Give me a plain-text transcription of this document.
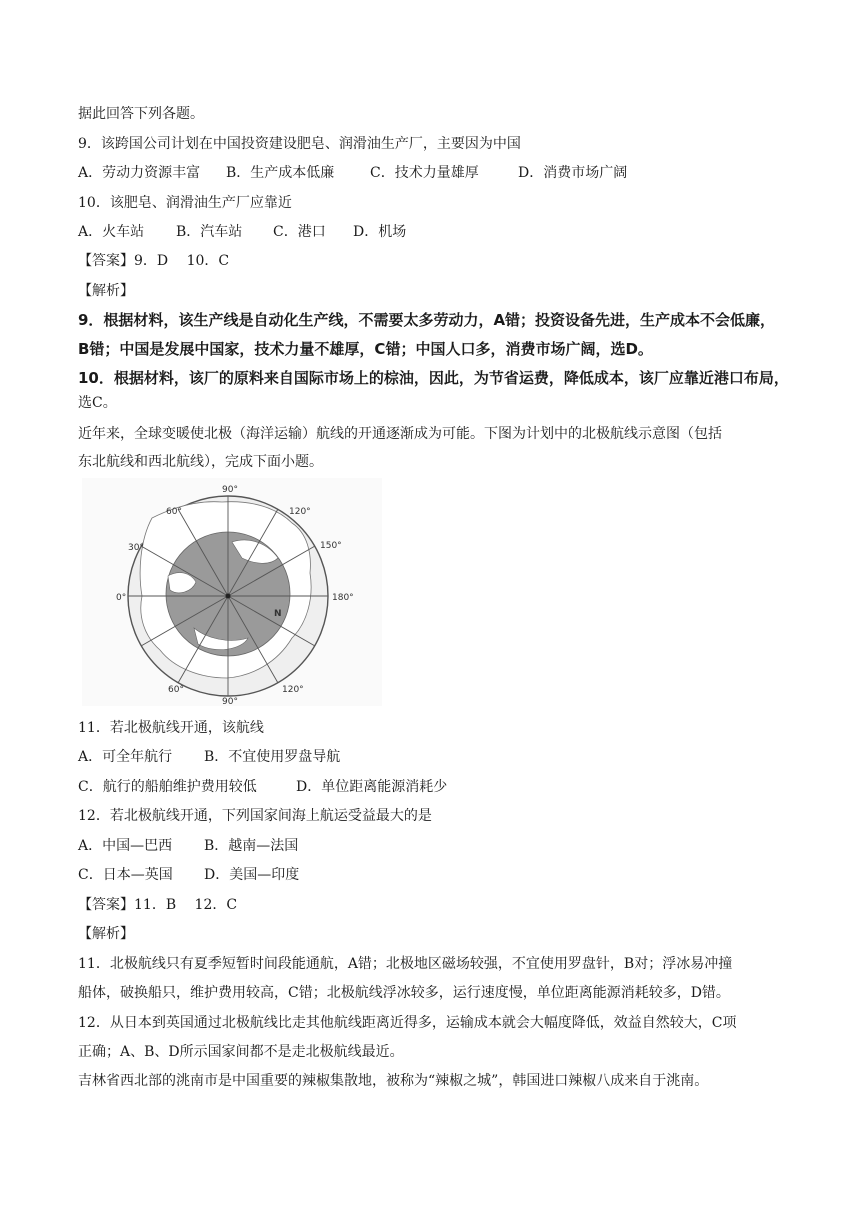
据此回答下列各题。
9．该跨国公司计划在中国投资建设肥皂、润滑油生产厂，主要因为中国
A．劳动力资源丰富 B．生产成本低廉	C．技术力量雄厚	D．消费市场广阔
10．该肥皂、润滑油生产厂应靠近
A．火车站 B．汽车站 C．港口 D．机场
【答案】9．D　 10．C
【解析】
9．根据材料，该生产线是自动化生产线，不需要太多劳动力，A错；投资设备先进，生产成本不会低廉，
B错；中国是发展中国家，技术力量不雄厚，C错；中国人口多，消费市场广阔，选D。
10．根据材料，该厂的原料来自国际市场上的棕油，因此，为节省运费，降低成本，该厂应靠近港口布局，
选C。
近年来，全球变暖使北极（海洋运输）航线的开通逐渐成为可能。下图为计划中的北极航线示意图（包括
东北航线和西北航线），完成下面小题。
90°
120°
150°
180°
60°
30°
0°
60°
90°
120°
N
11．若北极航线开通，该航线
A．可全年航行 B．不宜使用罗盘导航
C．航行的船舶维护费用较低	D．单位距离能源消耗少
12．若北极航线开通，下列国家间海上航运受益最大的是
A．中国—巴西 B．越南—法国
C．日本—英国 D．美国—印度
【答案】11．B　 12．C
【解析】
11．北极航线只有夏季短暂时间段能通航，A错；北极地区磁场较强，不宜使用罗盘针，B对；浮冰易冲撞
船体，破换船只，维护费用较高，C错；北极航线浮冰较多，运行速度慢，单位距离能源消耗较多，D错。
12．从日本到英国通过北极航线比走其他航线距离近得多，运输成本就会大幅度降低，效益自然较大，C项
正确；A、B、D所示国家间都不是走北极航线最近。
吉林省西北部的洮南市是中国重要的辣椒集散地，被称为“辣椒之城”，韩国进口辣椒八成来自于洮南。
